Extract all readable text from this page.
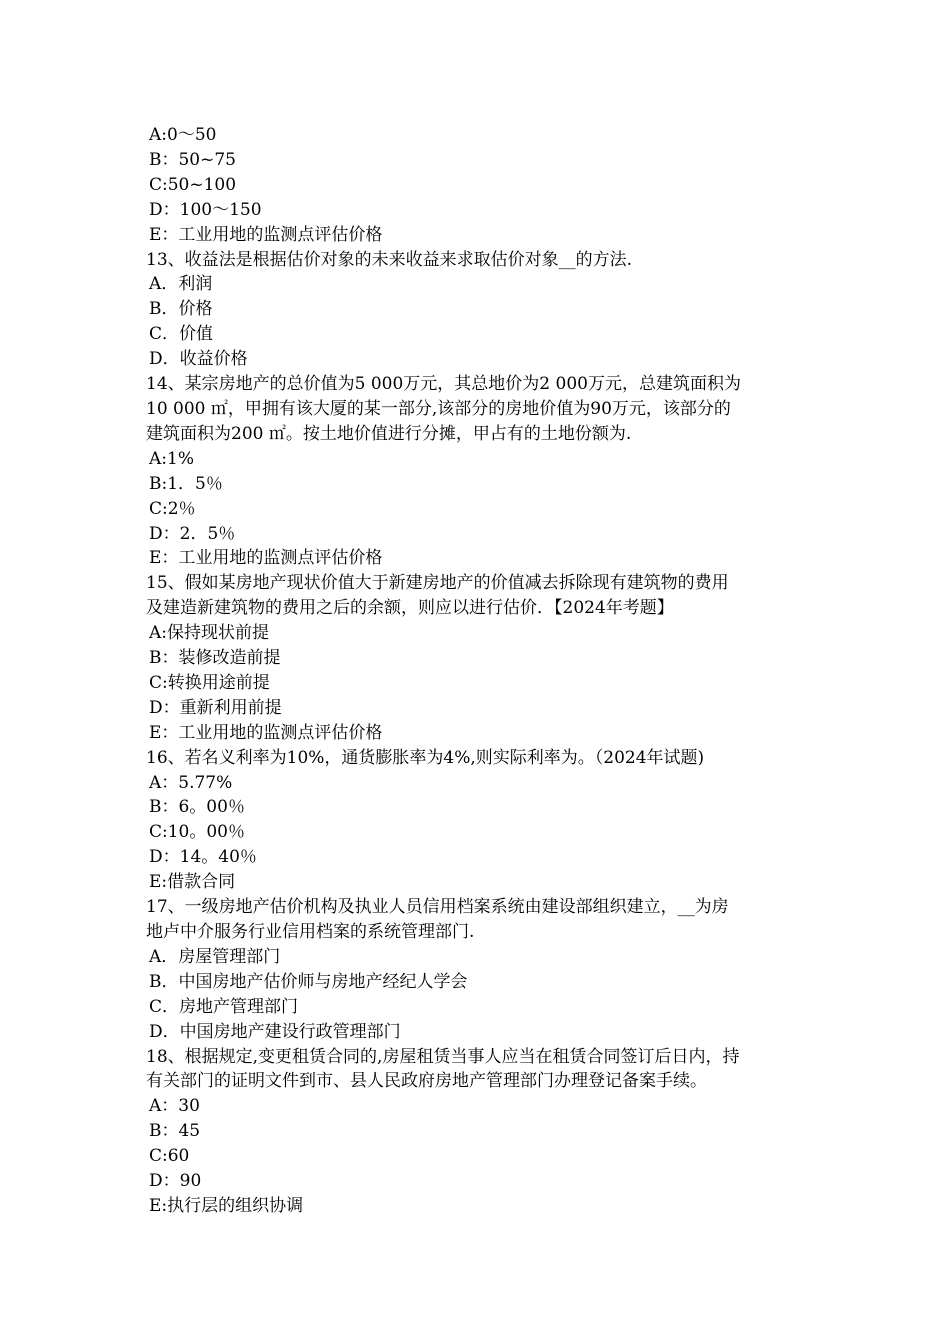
A:0～50
B：50~75
C:50~100
D：100～150
E：工业用地的监测点评估价格
13、收益法是根据估价对象的未来收益来求取估价对象__的方法.
A．利润
B．价格
C．价值
D．收益价格
14、某宗房地产的总价值为5 000万元，其总地价为2 000万元，总建筑面积为
10 000 ㎡，甲拥有该大厦的某一部分,该部分的房地价值为90万元，该部分的
建筑面积为200 ㎡。按土地价值进行分摊，甲占有的土地份额为.
A:1%
B:1．5％
C:2％
D：2．5％
E：工业用地的监测点评估价格
15、假如某房地产现状价值大于新建房地产的价值减去拆除现有建筑物的费用
及建造新建筑物的费用之后的余额，则应以进行估价．【2024年考题】
A:保持现状前提
B：装修改造前提
C:转换用途前提
D：重新利用前提
E：工业用地的监测点评估价格
16、若名义利率为10%，通货膨胀率为4%,则实际利率为。（2024年试题)
A：5.77%
B：6。00％
C:10。00％
D：14。40％
E:借款合同
17、一级房地产估价机构及执业人员信用档案系统由建设部组织建立，__为房
地卢中介服务行业信用档案的系统管理部门.
A．房屋管理部门
B．中国房地产估价师与房地产经纪人学会
C．房地产管理部门
D．中国房地产建设行政管理部门
18、根据规定,变更租赁合同的,房屋租赁当事人应当在租赁合同签订后日内，持
有关部门的证明文件到市、县人民政府房地产管理部门办理登记备案手续。
A：30
B：45
C:60
D：90
E:执行层的组织协调
